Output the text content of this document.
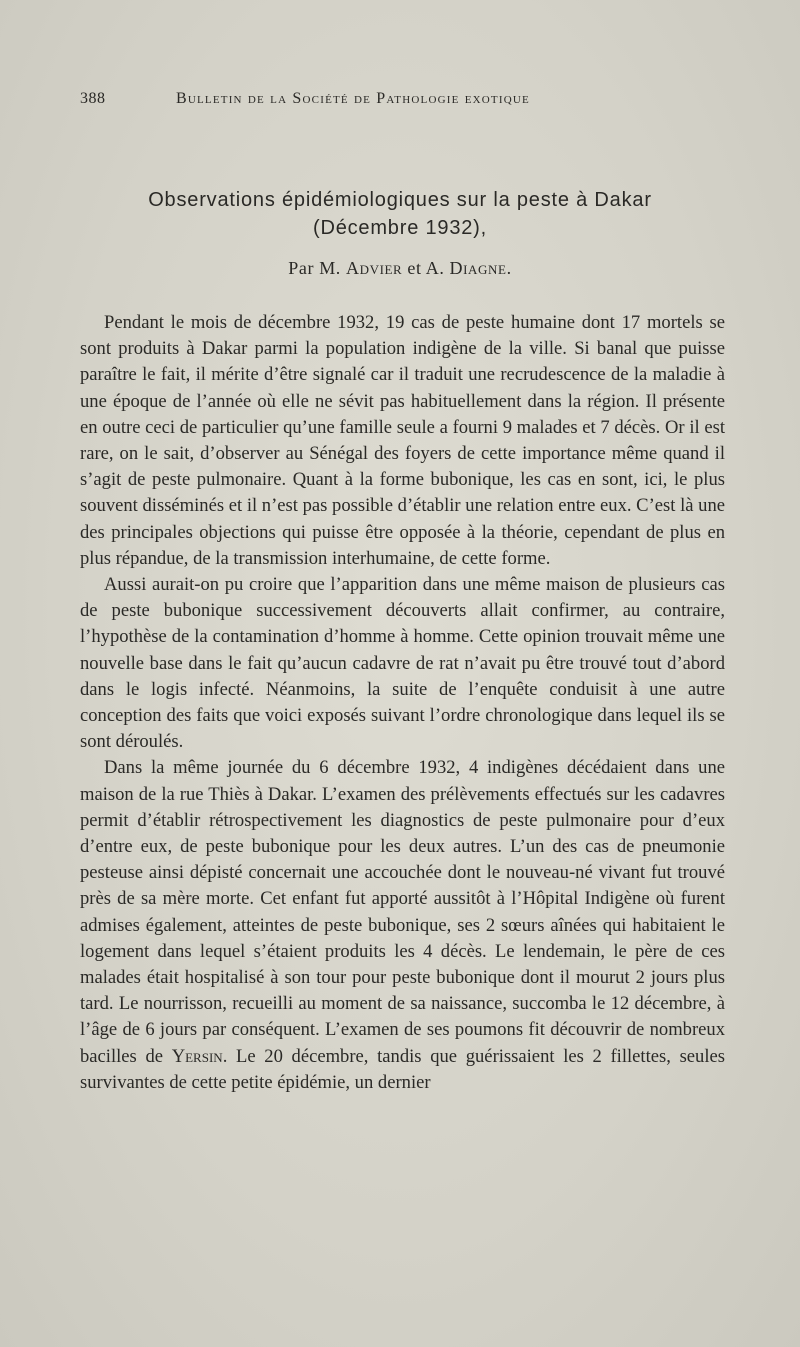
388	Bulletin de la Société de Pathologie exotique
Observations épidémiologiques sur la peste à Dakar
(Décembre 1932),
Par M. Advier et A. Diagne.

Pendant le mois de décembre 1932, 19 cas de peste humaine dont 17 mortels se sont produits à Dakar parmi la population indigène de la ville. Si banal que puisse paraître le fait, il mérite d’être signalé car il traduit une recrudescence de la maladie à une époque de l’année où elle ne sévit pas habituellement dans la région. Il présente en outre ceci de particulier qu’une famille seule a fourni 9 malades et 7 décès. Or il est rare, on le sait, d’observer au Sénégal des foyers de cette importance même quand il s’agit de peste pulmonaire. Quant à la forme bubonique, les cas en sont, ici, le plus souvent disséminés et il n’est pas possible d’établir une relation entre eux. C’est là une des principales objections qui puisse être opposée à la théorie, cependant de plus en plus répandue, de la transmission interhumaine, de cette forme.

Aussi aurait-on pu croire que l’apparition dans une même maison de plusieurs cas de peste bubonique successivement découverts allait confirmer, au contraire, l’hypothèse de la contamination d’homme à homme. Cette opinion trouvait même une nouvelle base dans le fait qu’aucun cadavre de rat n’avait pu être trouvé tout d’abord dans le logis infecté. Néanmoins, la suite de l’enquête conduisit à une autre conception des faits que voici exposés suivant l’ordre chronologique dans lequel ils se sont déroulés.

Dans la même journée du 6 décembre 1932, 4 indigènes décédaient dans une maison de la rue Thiès à Dakar. L’examen des prélèvements effectués sur les cadavres permit d’établir rétrospectivement les diagnostics de peste pulmonaire pour d’eux d’entre eux, de peste bubonique pour les deux autres. L’un des cas de pneumonie pesteuse ainsi dépisté concernait une accouchée dont le nouveau-né vivant fut trouvé près de sa mère morte. Cet enfant fut apporté aussitôt à l’Hôpital Indigène où furent admises également, atteintes de peste bubonique, ses 2 sœurs aînées qui habitaient le logement dans lequel s’étaient produits les 4 décès. Le lendemain, le père de ces malades était hospitalisé à son tour pour peste bubonique dont il mourut 2 jours plus tard. Le nourrisson, recueilli au moment de sa naissance, succomba le 12 décembre, à l’âge de 6 jours par conséquent. L’examen de ses poumons fit découvrir de nombreux bacilles de Yersin. Le 20 décembre, tandis que guérissaient les 2 fillettes, seules survivantes de cette petite épidémie, un dernier
